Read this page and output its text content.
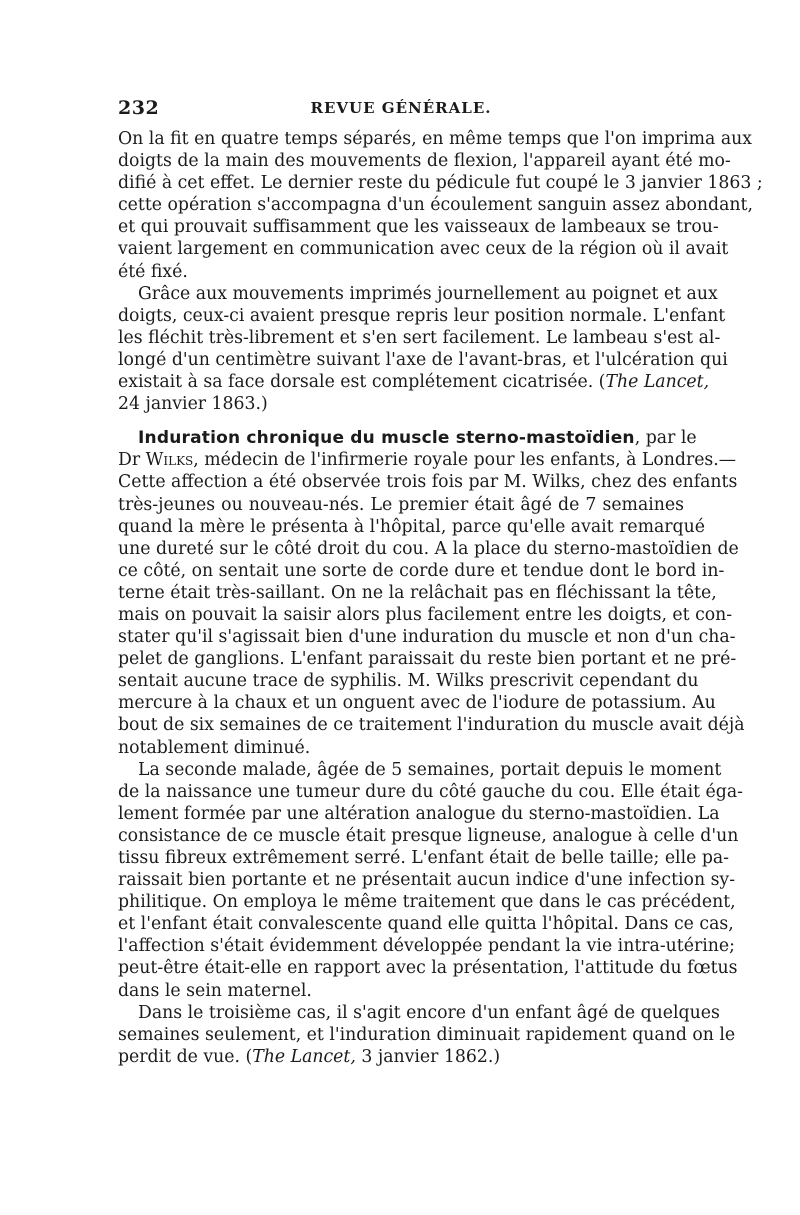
232	REVUE GÉNÉRALE.
On la fit en quatre temps séparés, en même temps que l'on imprima aux
doigts de la main des mouvements de flexion, l'appareil ayant été mo-
difié à cet effet. Le dernier reste du pédicule fut coupé le 3 janvier 1863 ;
cette opération s'accompagna d'un écoulement sanguin assez abondant,
et qui prouvait suffisamment que les vaisseaux de lambeaux se trou-
vaient largement en communication avec ceux de la région où il avait
été fixé.
Grâce aux mouvements imprimés journellement au poignet et aux
doigts, ceux-ci avaient presque repris leur position normale. L'enfant
les fléchit très-librement et s'en sert facilement. Le lambeau s'est al-
longé d'un centimètre suivant l'axe de l'avant-bras, et l'ulcération qui
existait à sa face dorsale est complétement cicatrisée. (The Lancet,
24 janvier 1863.)
Induration chronique du muscle sterno-mastoïdien, par le
Dr Wilks, médecin de l'infirmerie royale pour les enfants, à Londres.—
Cette affection a été observée trois fois par M. Wilks, chez des enfants
très-jeunes ou nouveau-nés. Le premier était âgé de 7 semaines
quand la mère le présenta à l'hôpital, parce qu'elle avait remarqué
une dureté sur le côté droit du cou. A la place du sterno-mastoïdien de
ce côté, on sentait une sorte de corde dure et tendue dont le bord in-
terne était très-saillant. On ne la relâchait pas en fléchissant la tête,
mais on pouvait la saisir alors plus facilement entre les doigts, et con-
stater qu'il s'agissait bien d'une induration du muscle et non d'un cha-
pelet de ganglions. L'enfant paraissait du reste bien portant et ne pré-
sentait aucune trace de syphilis. M. Wilks prescrivit cependant du
mercure à la chaux et un onguent avec de l'iodure de potassium. Au
bout de six semaines de ce traitement l'induration du muscle avait déjà
notablement diminué.
La seconde malade, âgée de 5 semaines, portait depuis le moment
de la naissance une tumeur dure du côté gauche du cou. Elle était éga-
lement formée par une altération analogue du sterno-mastoïdien. La
consistance de ce muscle était presque ligneuse, analogue à celle d'un
tissu fibreux extrêmement serré. L'enfant était de belle taille; elle pa-
raissait bien portante et ne présentait aucun indice d'une infection sy-
philitique. On employa le même traitement que dans le cas précédent,
et l'enfant était convalescente quand elle quitta l'hôpital. Dans ce cas,
l'affection s'était évidemment développée pendant la vie intra-utérine;
peut-être était-elle en rapport avec la présentation, l'attitude du fœtus
dans le sein maternel.
Dans le troisième cas, il s'agit encore d'un enfant âgé de quelques
semaines seulement, et l'induration diminuait rapidement quand on le
perdit de vue. (The Lancet, 3 janvier 1862.)
